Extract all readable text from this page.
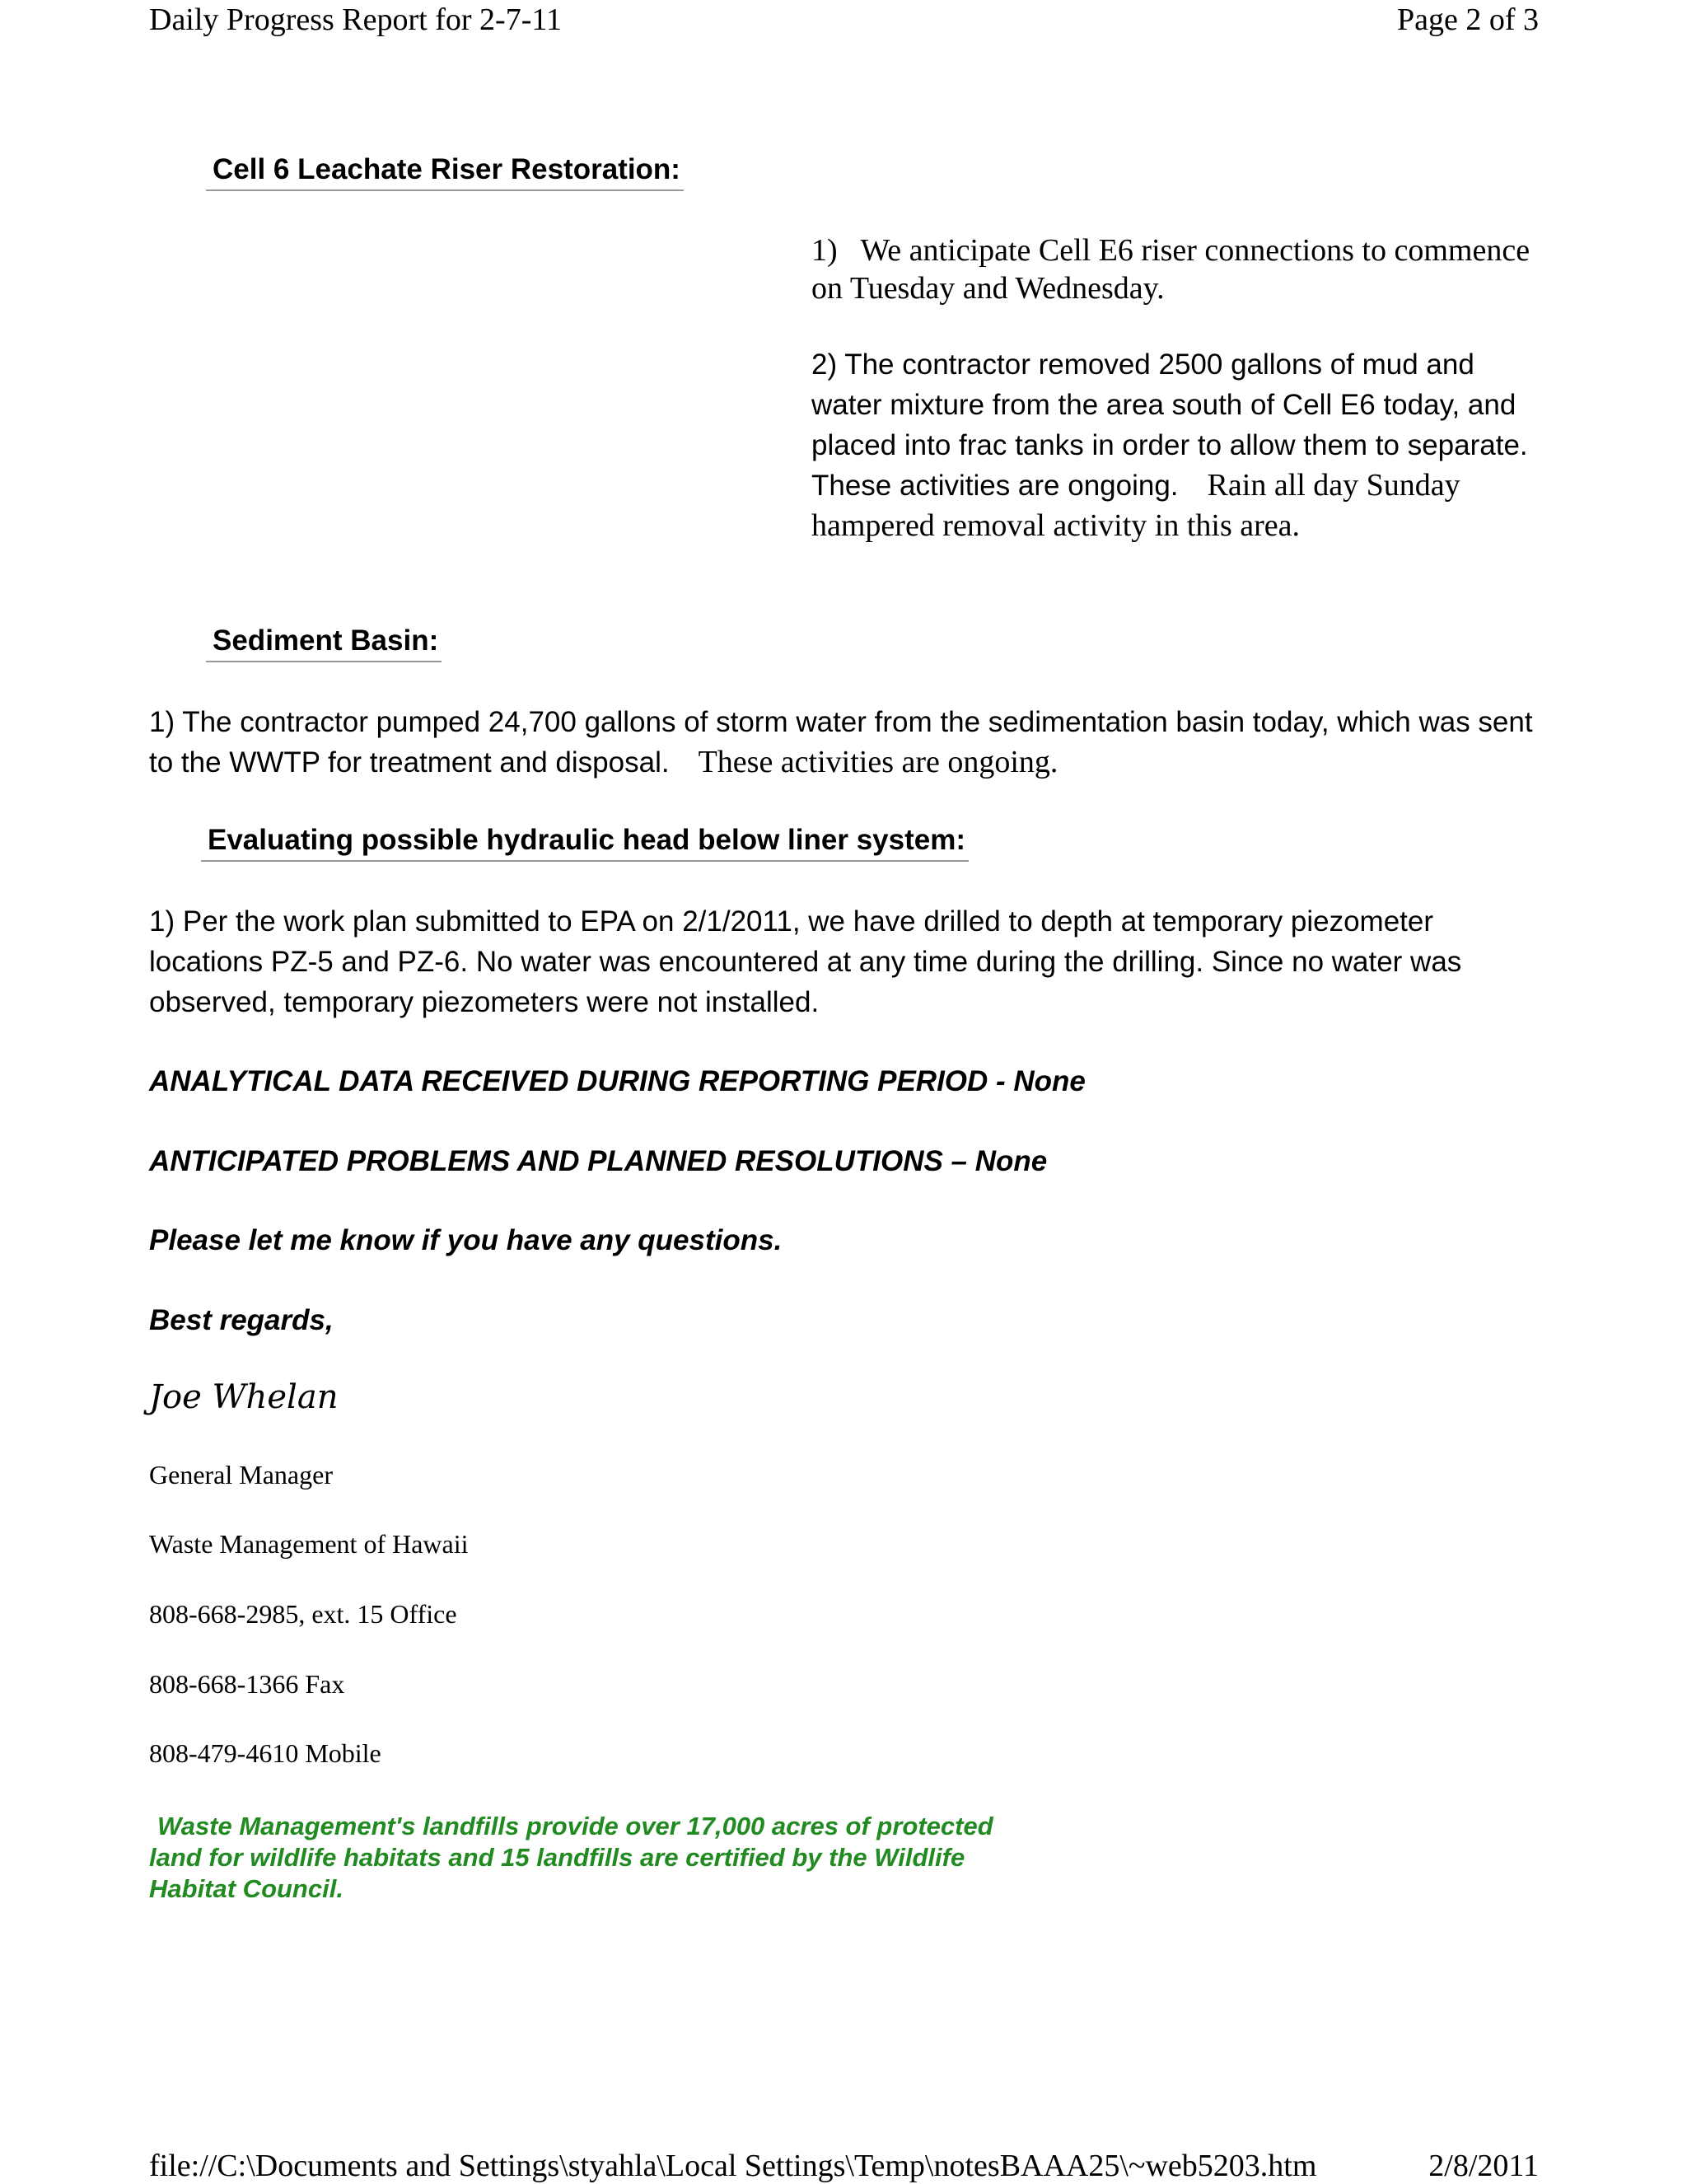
Daily Progress Report for 2-7-11	Page 2 of 3
Cell 6 Leachate Riser Restoration:
1) We anticipate Cell E6 riser connections to commence on Tuesday and Wednesday.
2) The contractor removed 2500 gallons of mud and water mixture from the area south of Cell E6 today, and placed into frac tanks in order to allow them to separate. These activities are ongoing. Rain all day Sunday hampered removal activity in this area.
Sediment Basin:
1) The contractor pumped 24,700 gallons of storm water from the sedimentation basin today, which was sent to the WWTP for treatment and disposal. These activities are ongoing.
Evaluating possible hydraulic head below liner system:
1) Per the work plan submitted to EPA on 2/1/2011, we have drilled to depth at temporary piezometer locations PZ-5 and PZ-6. No water was encountered at any time during the drilling. Since no water was observed, temporary piezometers were not installed.
ANALYTICAL DATA RECEIVED DURING REPORTING PERIOD - None
ANTICIPATED PROBLEMS AND PLANNED RESOLUTIONS – None
Please let me know if you have any questions.
Best regards,
Joe Whelan
General Manager
Waste Management of Hawaii
808-668-2985, ext. 15 Office
808-668-1366 Fax
808-479-4610 Mobile
Waste Management's landfills provide over 17,000 acres of protected land for wildlife habitats and 15 landfills are certified by the Wildlife Habitat Council.
file://C:\Documents and Settings\styahla\Local Settings\Temp\notesBAAA25\~web5203.htm	2/8/2011
